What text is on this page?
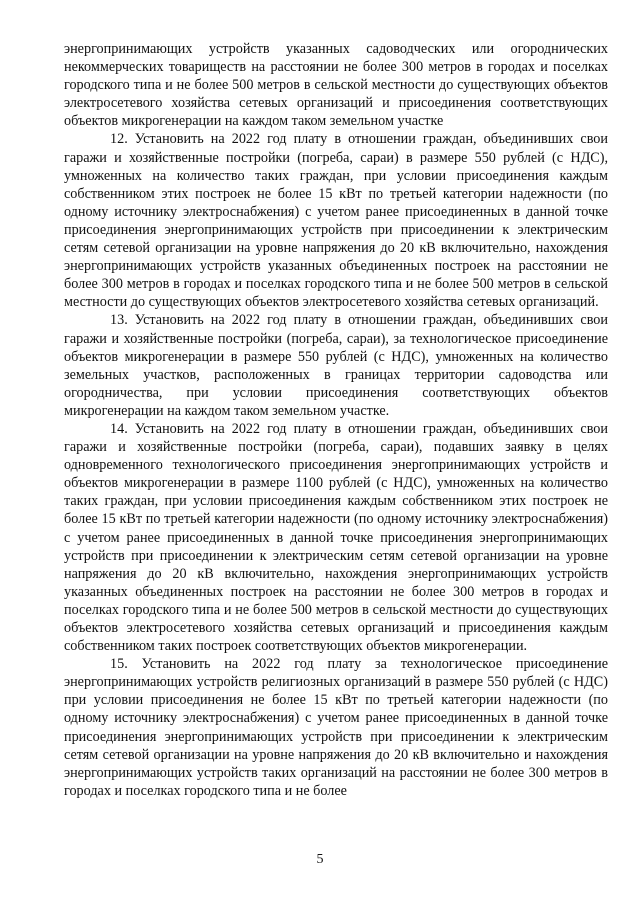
энергопринимающих устройств указанных садоводческих или огороднических некоммерческих товариществ на расстоянии не более 300 метров в городах и поселках городского типа и не более 500 метров в сельской местности до существующих объектов электросетевого хозяйства сетевых организаций и присоединения соответствующих объектов микрогенерации на каждом таком земельном участке

12. Установить на 2022 год плату в отношении граждан, объединивших свои гаражи и хозяйственные постройки (погреба, сараи) в размере 550 рублей (с НДС), умноженных на количество таких граждан, при условии присоединения каждым собственником этих построек не более 15 кВт по третьей категории надежности (по одному источнику электроснабжения) с учетом ранее присоединенных в данной точке присоединения энергопринимающих устройств при присоединении к электрическим сетям сетевой организации на уровне напряжения до 20 кВ включительно, нахождения энергопринимающих устройств указанных объединенных построек на расстоянии не более 300 метров в городах и поселках городского типа и не более 500 метров в сельской местности до существующих объектов электросетевого хозяйства сетевых организаций.

13. Установить на 2022 год плату в отношении граждан, объединивших свои гаражи и хозяйственные постройки (погреба, сараи), за технологическое присоединение объектов микрогенерации в размере 550 рублей (с НДС), умноженных на количество земельных участков, расположенных в границах территории садоводства или огородничества, при условии присоединения соответствующих объектов микрогенерации на каждом таком земельном участке.

14. Установить на 2022 год плату в отношении граждан, объединивших свои гаражи и хозяйственные постройки (погреба, сараи), подавших заявку в целях одновременного технологического присоединения энергопринимающих устройств и объектов микрогенерации в размере 1100 рублей (с НДС), умноженных на количество таких граждан, при условии присоединения каждым собственником этих построек не более 15 кВт по третьей категории надежности (по одному источнику электроснабжения) с учетом ранее присоединенных в данной точке присоединения энергопринимающих устройств при присоединении к электрическим сетям сетевой организации на уровне напряжения до 20 кВ включительно, нахождения энергопринимающих устройств указанных объединенных построек на расстоянии не более 300 метров в городах и поселках городского типа и не более 500 метров в сельской местности до существующих объектов электросетевого хозяйства сетевых организаций и присоединения каждым собственником таких построек соответствующих объектов микрогенерации.

15. Установить на 2022 год плату за технологическое присоединение энергопринимающих устройств религиозных организаций в размере 550 рублей (с НДС) при условии присоединения не более 15 кВт по третьей категории надежности (по одному источнику электроснабжения) с учетом ранее присоединенных в данной точке присоединения энергопринимающих устройств при присоединении к электрическим сетям сетевой организации на уровне напряжения до 20 кВ включительно и нахождения энергопринимающих устройств таких организаций на расстоянии не более 300 метров в городах и поселках городского типа и не более

5
